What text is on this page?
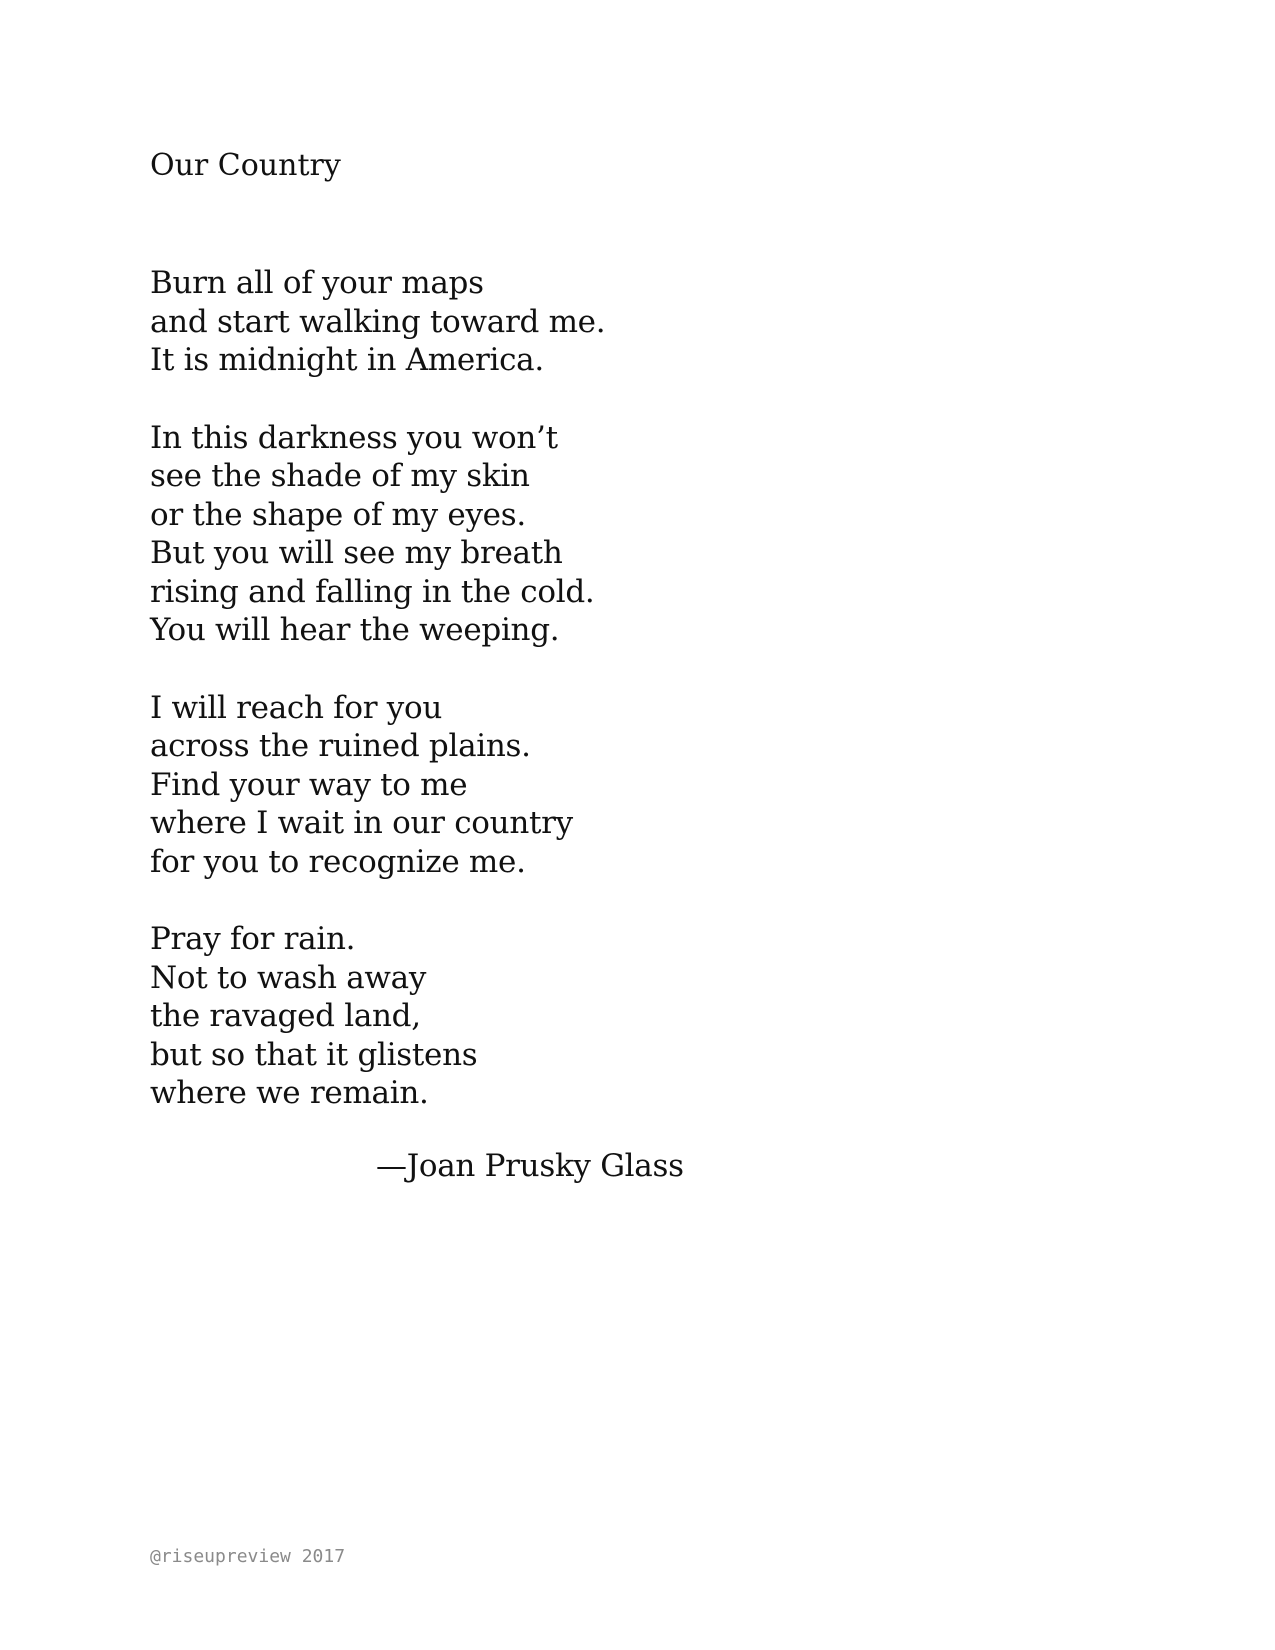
Our Country
Burn all of your maps
and start walking toward me.
It is midnight in America.
In this darkness you won’t
see the shade of my skin
or the shape of my eyes.
But you will see my breath
rising and falling in the cold.
You will hear the weeping.
I will reach for you
across the ruined plains.
Find your way to me
where I wait in our country
for you to recognize me.
Pray for rain.
Not to wash away
the ravaged land,
but so that it glistens
where we remain.
—Joan Prusky Glass
@riseupreview 2017
